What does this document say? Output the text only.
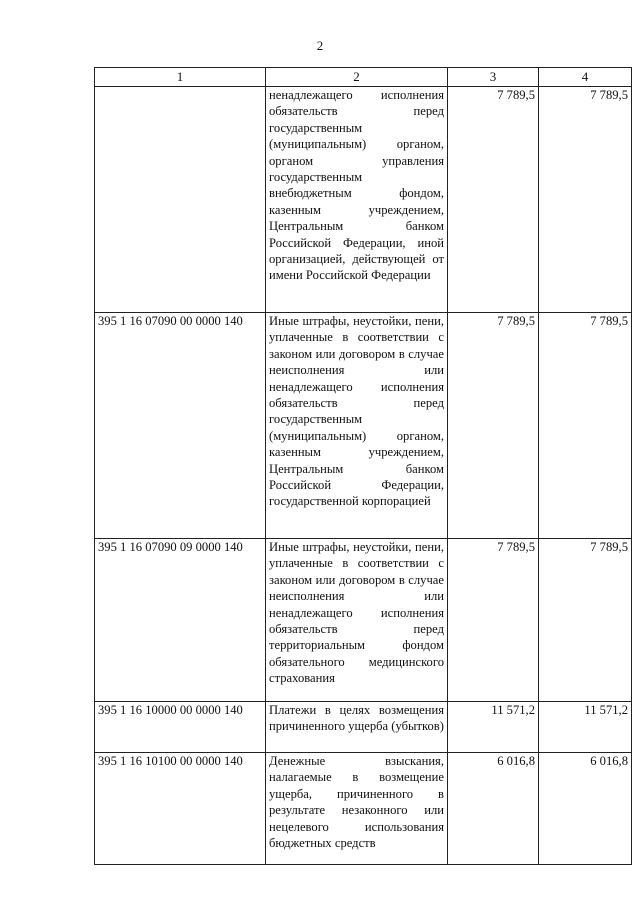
2
1	2	3	4
	ненадлежащего исполнения обязательств перед государственным (муниципальным) органом, органом управления государственным внебюджетным фондом, казенным учреждением, Центральным банком Российской Федерации, иной организацией, действующей от имени Российской Федерации	7 789,5	7 789,5

395 1 16 07090 00 0000 140	Иные штрафы, неустойки, пени, уплаченные в соответствии с законом или договором в случае неисполнения или ненадлежащего исполнения обязательств перед государственным (муниципальным) органом, казенным учреждением, Центральным банком Российской Федерации, государственной корпорацией	7 789,5	7 789,5

395 1 16 07090 09 0000 140	Иные штрафы, неустойки, пени, уплаченные в соответствии с законом или договором в случае неисполнения или ненадлежащего исполнения обязательств перед территориальным фондом обязательного медицинского страхования	7 789,5	7 789,5

395 1 16 10000 00 0000 140	Платежи в целях возмещения причиненного ущерба (убытков)	11 571,2	11 571,2

395 1 16 10100 00 0000 140	Денежные взыскания, налагаемые в возмещение ущерба, причиненного в результате незаконного или нецелевого использования бюджетных средств	6 016,8	6 016,8
